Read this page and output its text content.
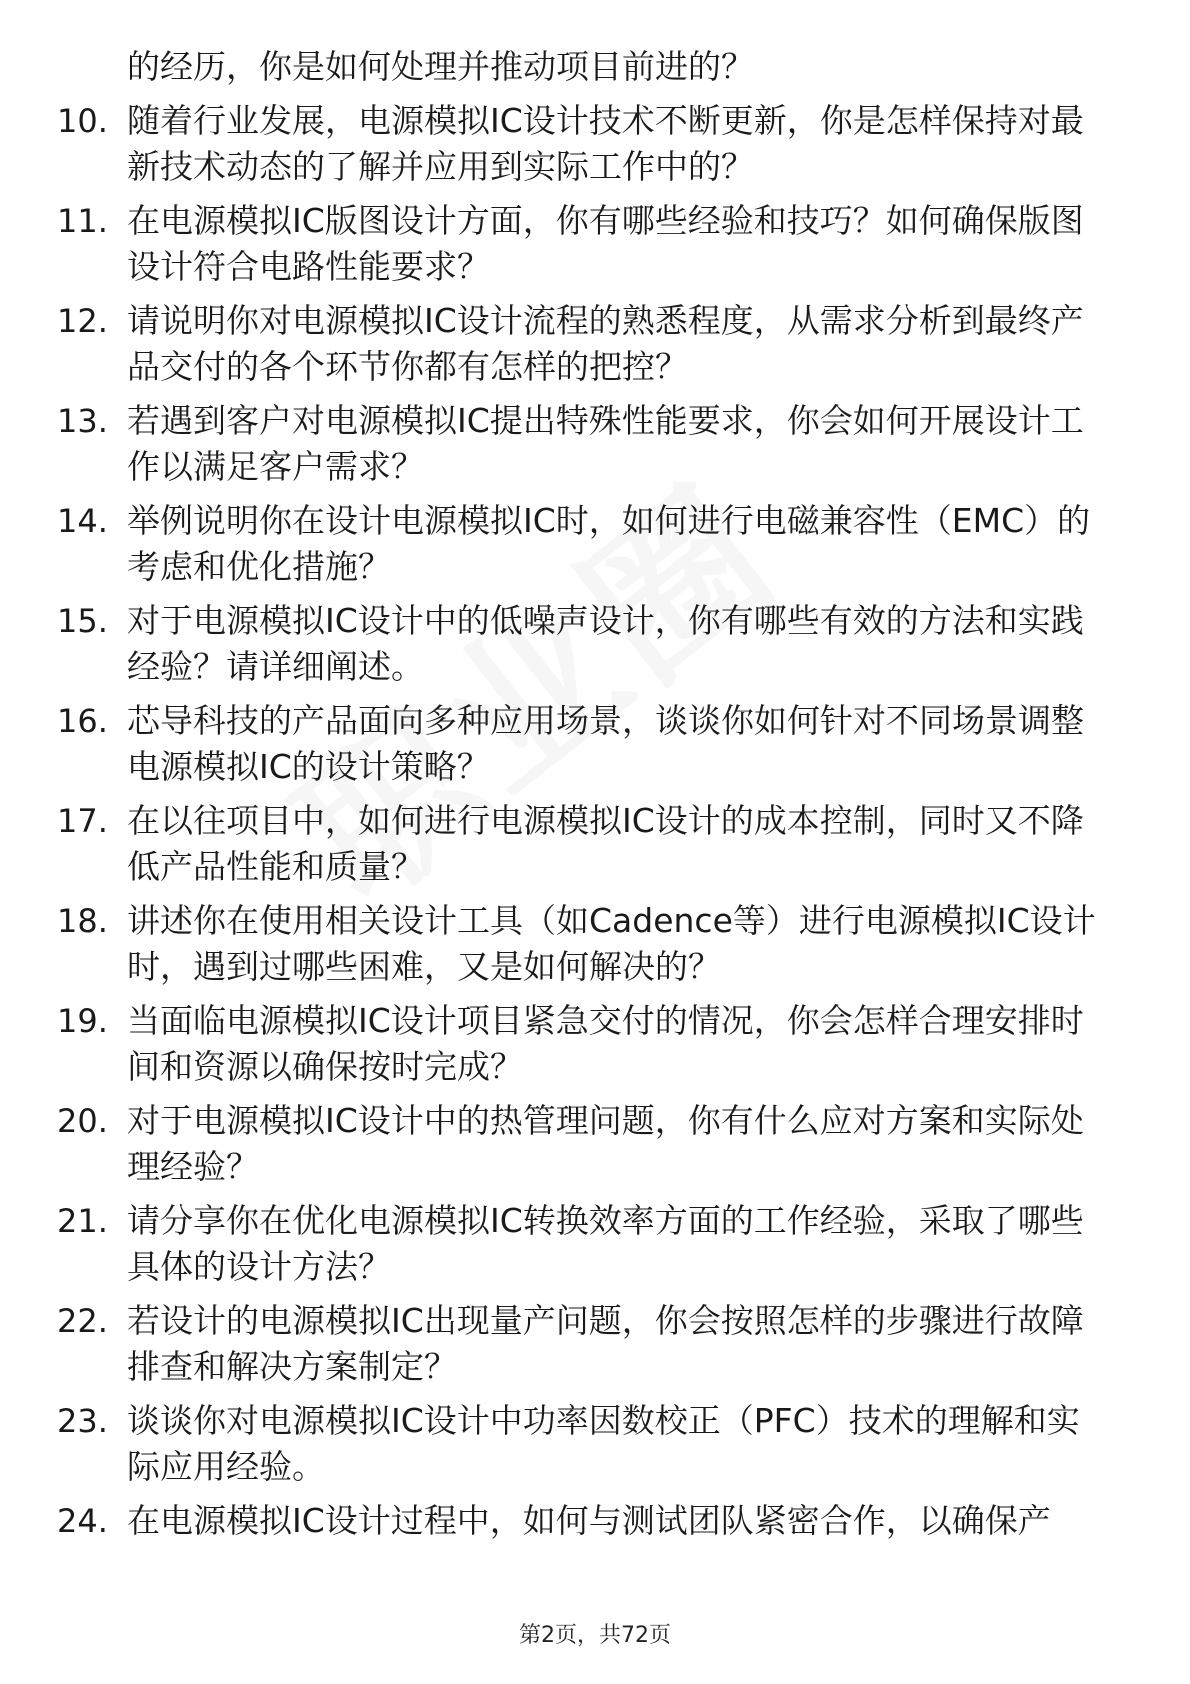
的经历，你是如何处理并推动项目前进的？
10. 随着行业发展，电源模拟IC设计技术不断更新，你是怎样保持对最新技术动态的了解并应用到实际工作中的？
11. 在电源模拟IC版图设计方面，你有哪些经验和技巧？如何确保版图设计符合电路性能要求？
12. 请说明你对电源模拟IC设计流程的熟悉程度，从需求分析到最终产品交付的各个环节你都有怎样的把控？
13. 若遇到客户对电源模拟IC提出特殊性能要求，你会如何开展设计工作以满足客户需求？
14. 举例说明你在设计电源模拟IC时，如何进行电磁兼容性（EMC）的考虑和优化措施？
15. 对于电源模拟IC设计中的低噪声设计，你有哪些有效的方法和实践经验？请详细阐述。
16. 芯导科技的产品面向多种应用场景，谈谈你如何针对不同场景调整电源模拟IC的设计策略？
17. 在以往项目中，如何进行电源模拟IC设计的成本控制，同时又不降低产品性能和质量？
18. 讲述你在使用相关设计工具（如Cadence等）进行电源模拟IC设计时，遇到过哪些困难，又是如何解决的？
19. 当面临电源模拟IC设计项目紧急交付的情况，你会怎样合理安排时间和资源以确保按时完成？
20. 对于电源模拟IC设计中的热管理问题，你有什么应对方案和实际处理经验？
21. 请分享你在优化电源模拟IC转换效率方面的工作经验，采取了哪些具体的设计方法？
22. 若设计的电源模拟IC出现量产问题，你会按照怎样的步骤进行故障排查和解决方案制定？
23. 谈谈你对电源模拟IC设计中功率因数校正（PFC）技术的理解和实际应用经验。
24. 在电源模拟IC设计过程中，如何与测试团队紧密合作，以确保产
第2页，共72页
